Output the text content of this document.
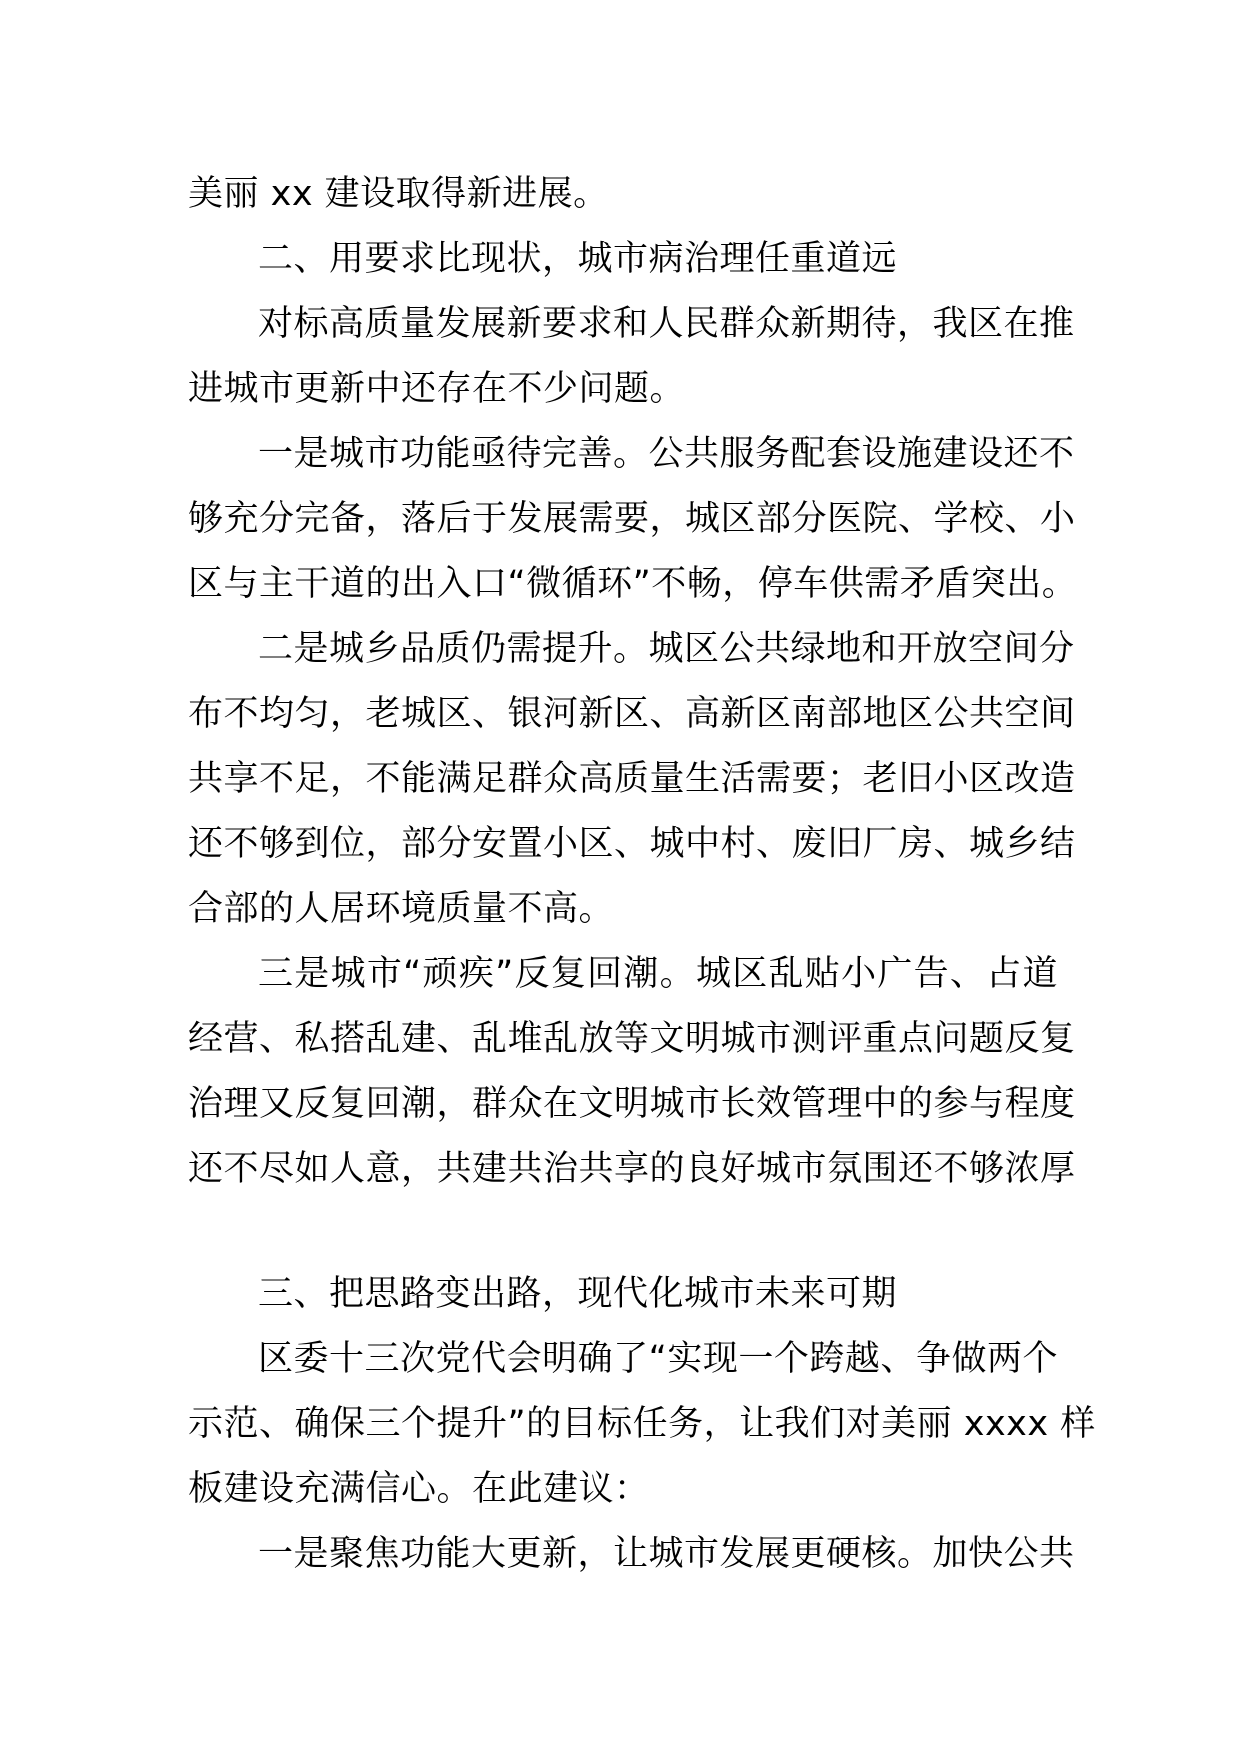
美丽 xx 建设取得新进展。
二、用要求比现状，城市病治理任重道远
对标高质量发展新要求和人民群众新期待，我区在推
进城市更新中还存在不少问题。
一是城市功能亟待完善。公共服务配套设施建设还不
够充分完备，落后于发展需要，城区部分医院、学校、小
区与主干道的出入口“微循环”不畅，停车供需矛盾突出。
二是城乡品质仍需提升。城区公共绿地和开放空间分
布不均匀，老城区、银河新区、高新区南部地区公共空间
共享不足，不能满足群众高质量生活需要；老旧小区改造
还不够到位，部分安置小区、城中村、废旧厂房、城乡结
合部的人居环境质量不高。
三是城市“顽疾”反复回潮。城区乱贴小广告、占道
经营、私搭乱建、乱堆乱放等文明城市测评重点问题反复
治理又反复回潮，群众在文明城市长效管理中的参与程度
还不尽如人意，共建共治共享的良好城市氛围还不够浓厚
三、把思路变出路，现代化城市未来可期
区委十三次党代会明确了“实现一个跨越、争做两个
示范、确保三个提升”的目标任务，让我们对美丽 xxxx 样
板建设充满信心。在此建议：
一是聚焦功能大更新，让城市发展更硬核。加快公共
